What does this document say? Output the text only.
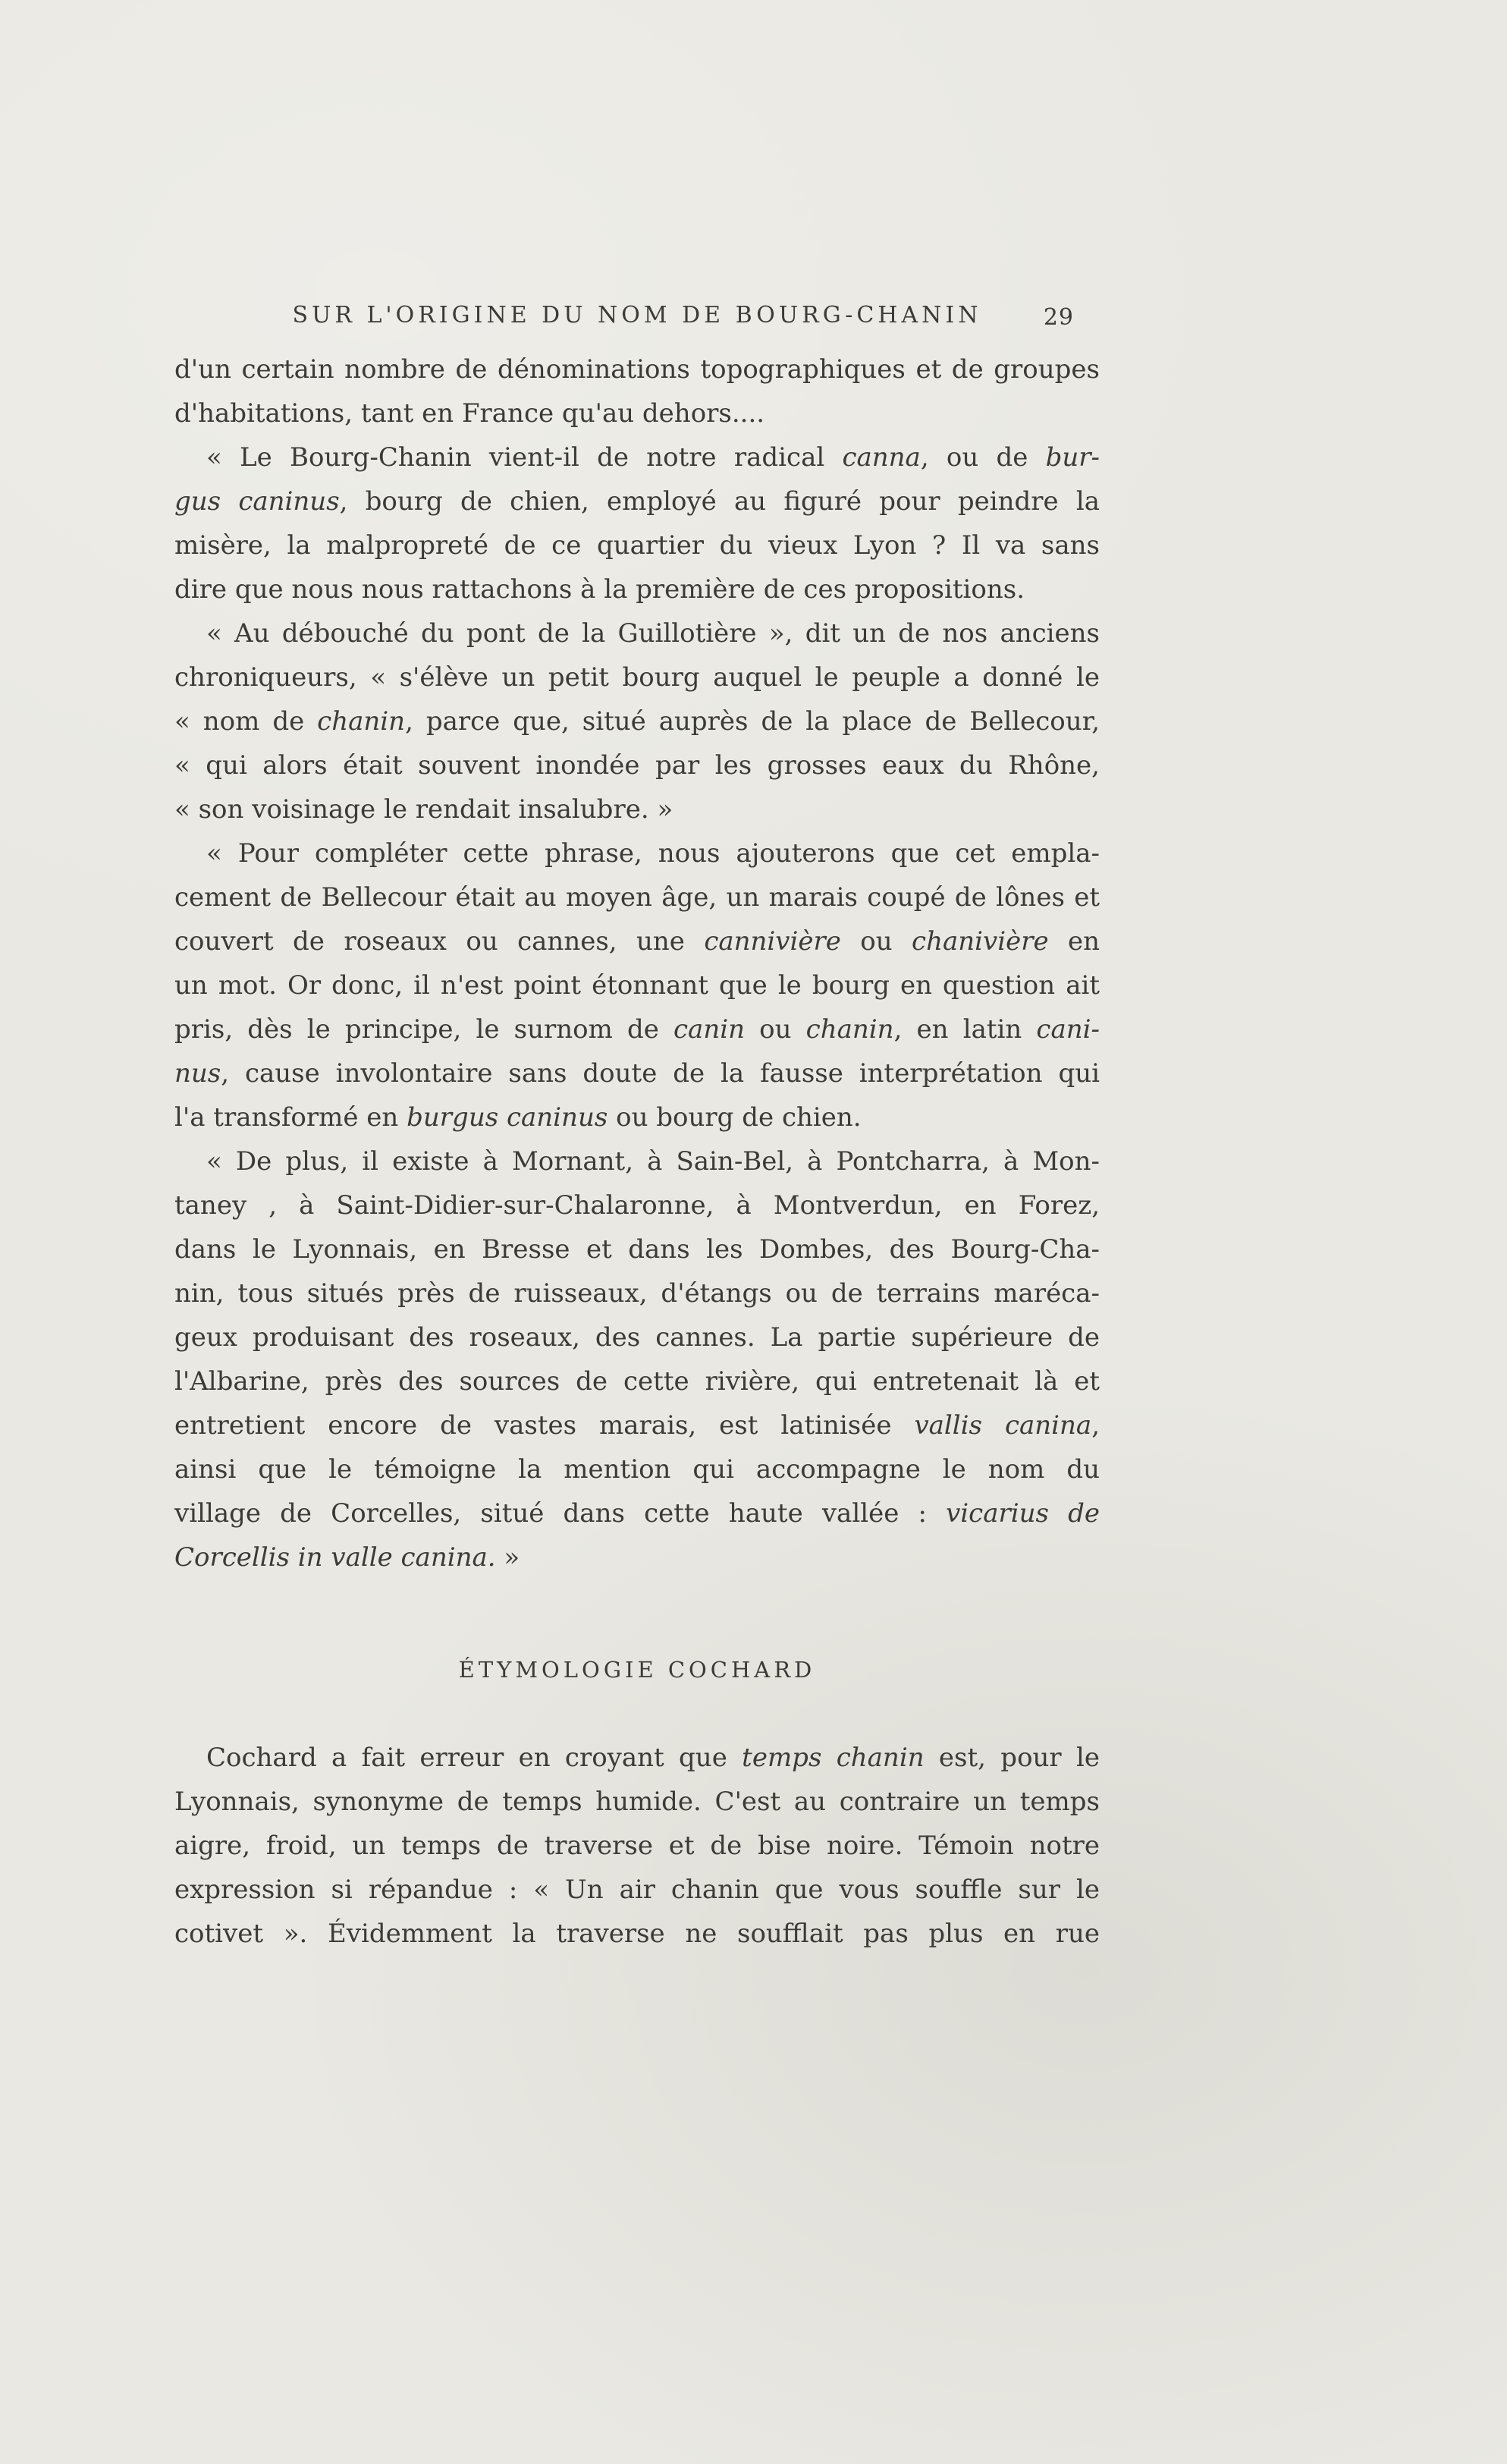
SUR L'ORIGINE DU NOM DE BOURG-CHANIN	29
d'un certain nombre de dénominations topographiques et de groupes
d'habitations, tant en France qu'au dehors....
« Le Bourg-Chanin vient-il de notre radical canna, ou de bur-
gus caninus, bourg de chien, employé au figuré pour peindre la
misère, la malpropreté de ce quartier du vieux Lyon ? Il va sans
dire que nous nous rattachons à la première de ces propositions.
« Au débouché du pont de la Guillotière », dit un de nos anciens
chroniqueurs, « s'élève un petit bourg auquel le peuple a donné le
« nom de chanin, parce que, situé auprès de la place de Bellecour,
« qui alors était souvent inondée par les grosses eaux du Rhône,
« son voisinage le rendait insalubre. »
« Pour compléter cette phrase, nous ajouterons que cet empla-
cement de Bellecour était au moyen âge, un marais coupé de lônes et
couvert de roseaux ou cannes, une cannivière ou chanivière en
un mot. Or donc, il n'est point étonnant que le bourg en question ait
pris, dès le principe, le surnom de canin ou chanin, en latin cani-
nus, cause involontaire sans doute de la fausse interprétation qui
l'a transformé en burgus caninus ou bourg de chien.
« De plus, il existe à Mornant, à Sain-Bel, à Pontcharra, à Mon-
taney , à Saint-Didier-sur-Chalaronne, à Montverdun, en Forez,
dans le Lyonnais, en Bresse et dans les Dombes, des Bourg-Cha-
nin, tous situés près de ruisseaux, d'étangs ou de terrains maréca-
geux produisant des roseaux, des cannes. La partie supérieure de
l'Albarine, près des sources de cette rivière, qui entretenait là et
entretient encore de vastes marais, est latinisée vallis canina,
ainsi que le témoigne la mention qui accompagne le nom du
village de Corcelles, situé dans cette haute vallée : vicarius de
Corcellis in valle canina. »
ÉTYMOLOGIE COCHARD
Cochard a fait erreur en croyant que temps chanin est, pour le
Lyonnais, synonyme de temps humide. C'est au contraire un temps
aigre, froid, un temps de traverse et de bise noire. Témoin notre
expression si répandue : « Un air chanin que vous souffle sur le
cotivet ». Évidemment la traverse ne soufflait pas plus en rue
